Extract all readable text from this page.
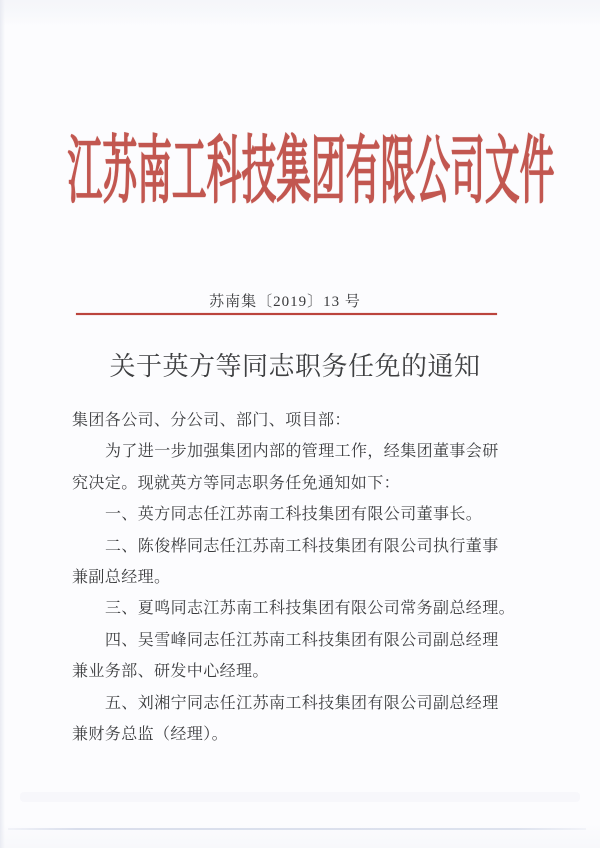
江苏南工科技集团有限公司文件
苏南集〔2019〕13 号
关于英方等同志职务任免的通知
集团各公司、分公司、部门、项目部：
为了进一步加强集团内部的管理工作，经集团董事会研
究决定。现就英方等同志职务任免通知如下：
一、英方同志任江苏南工科技集团有限公司董事长。
二、陈俊桦同志任江苏南工科技集团有限公司执行董事
兼副总经理。
三、夏鸣同志江苏南工科技集团有限公司常务副总经理。
四、吴雪峰同志任江苏南工科技集团有限公司副总经理
兼业务部、研发中心经理。
五、刘湘宁同志任江苏南工科技集团有限公司副总经理
兼财务总监（经理）。
